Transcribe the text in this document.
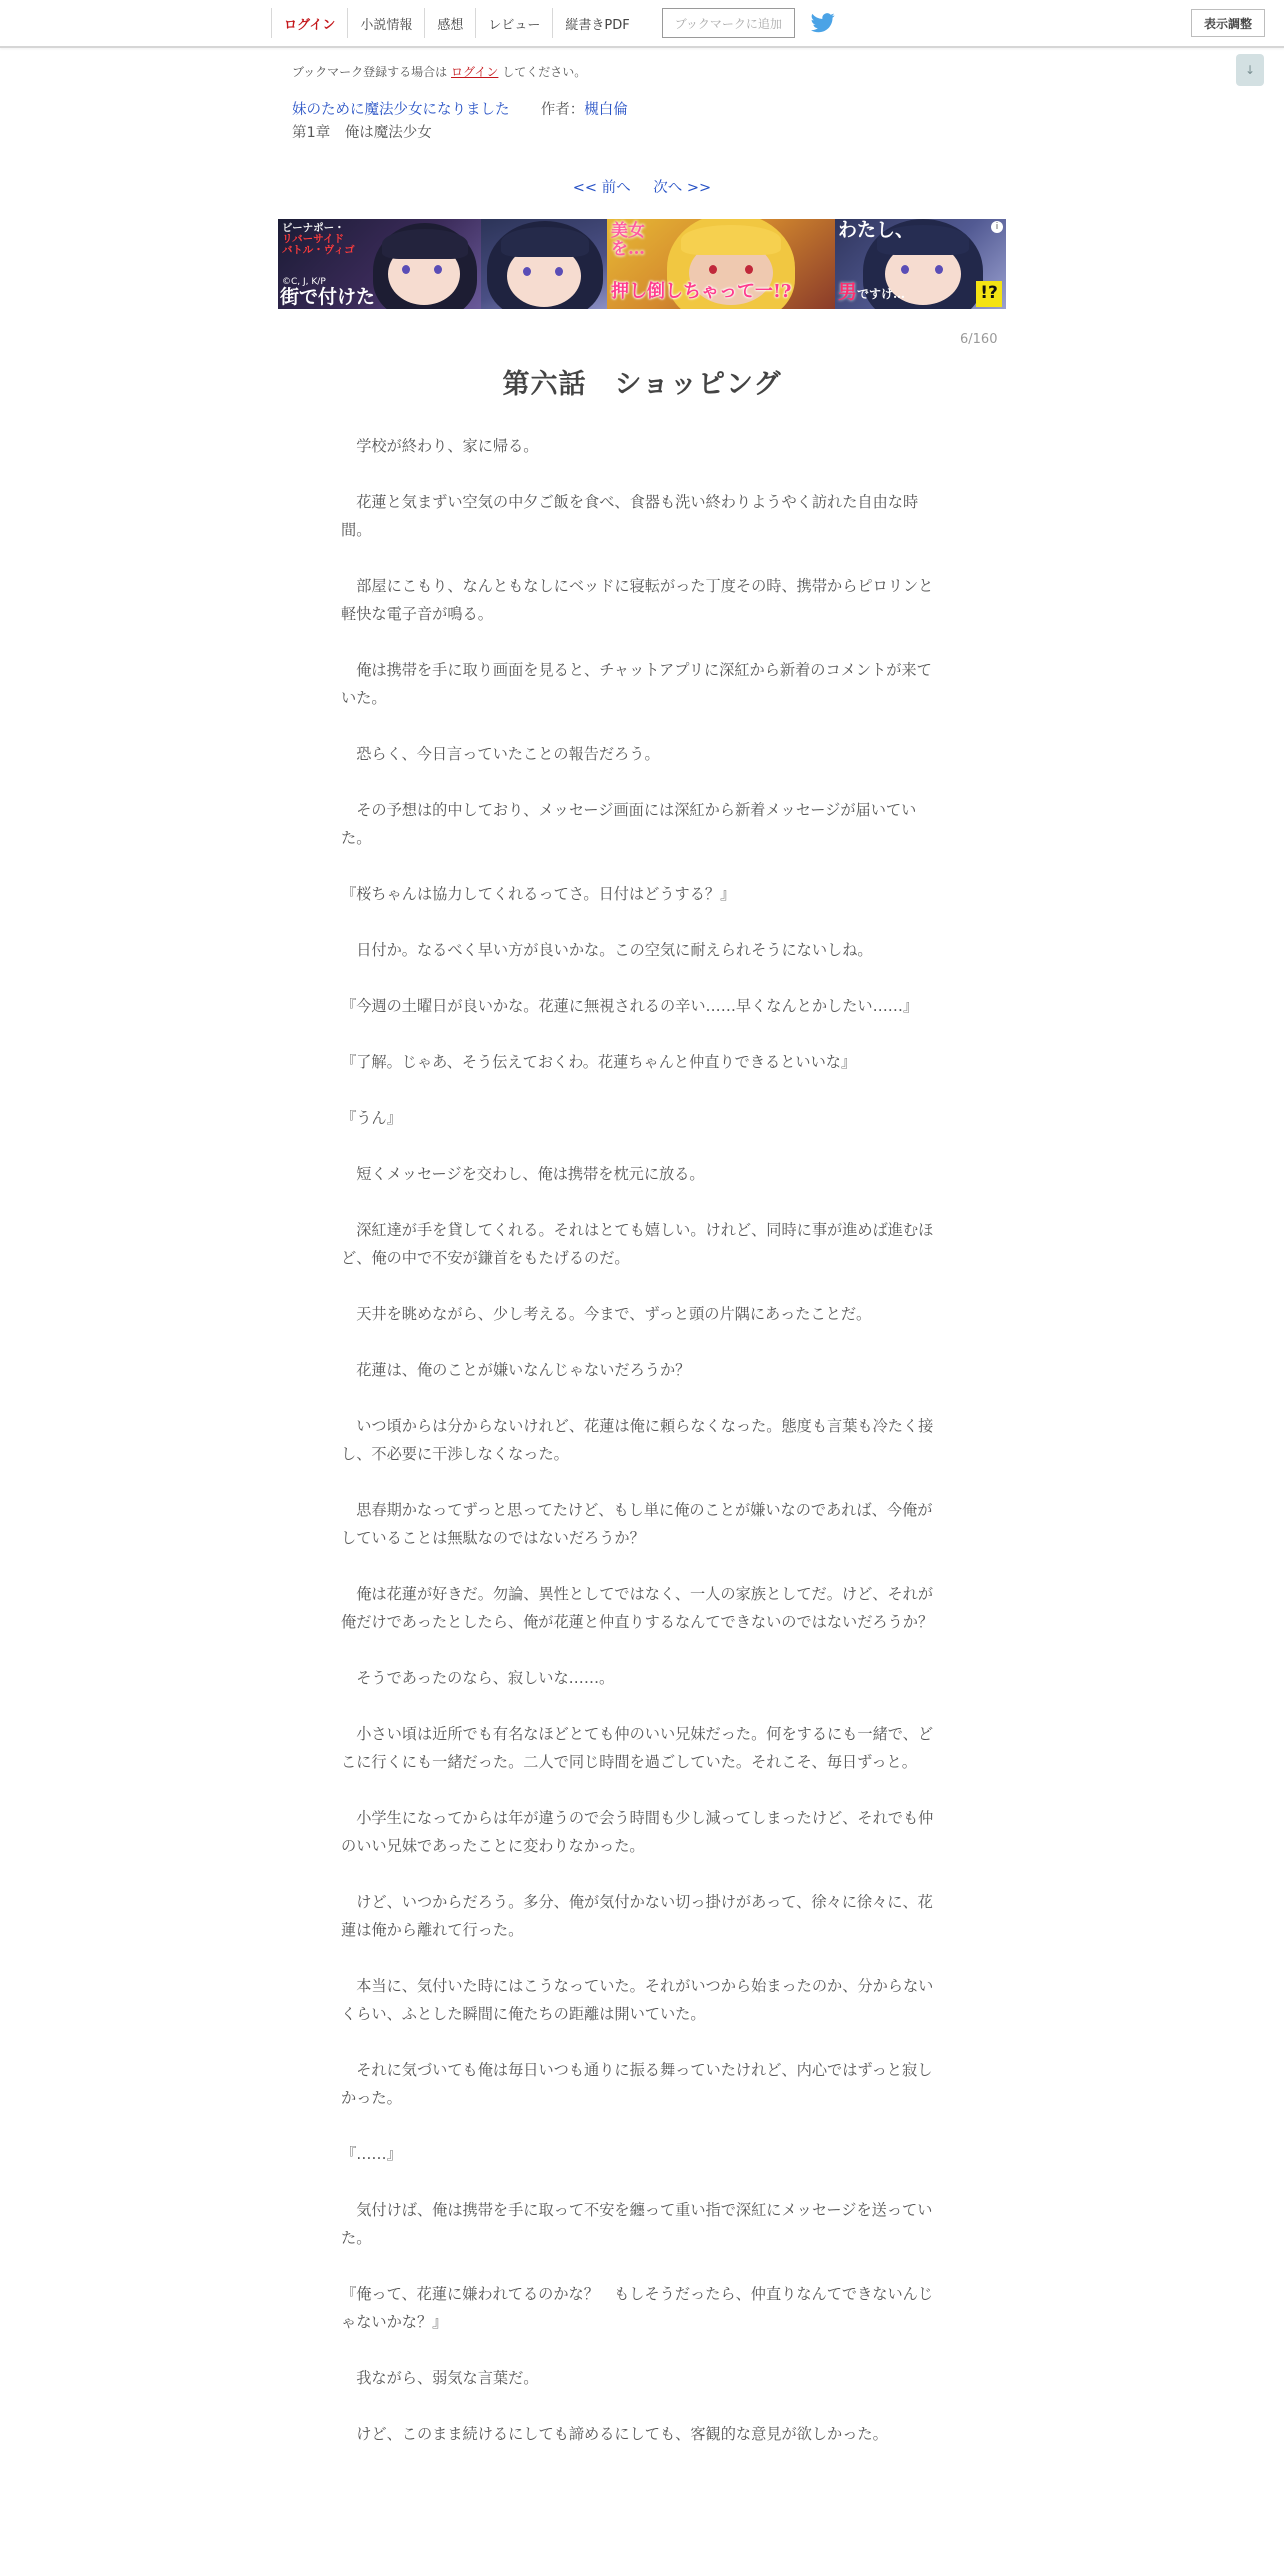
ログイン	小説情報	感想	レビュー	縦書きPDF	ブックマークに追加	表示調整
↓
ブックマーク登録する場合は ログイン してください。
妹のために魔法少女になりました 作者：槻白倫
第1章　俺は魔法少女
<< 前へ 次へ >>
ビーナポー・
リバーサイド
バトル・ヴィゴ
©C, J, K/P
街で付けた
美女を…
押し倒しちゃって一!?
わたし、
男ですけ…	!?
i
6/160
第六話　ショッピング

　学校が終わり、家に帰る。

　花蓮と気まずい空気の中夕ご飯を食べ、食器も洗い終わりようやく訪れた自由な時間。

　部屋にこもり、なんともなしにベッドに寝転がった丁度その時、携帯からピロリンと軽快な電子音が鳴る。

　俺は携帯を手に取り画面を見ると、チャットアプリに深紅から新着のコメントが来ていた。

　恐らく、今日言っていたことの報告だろう。

　その予想は的中しており、メッセージ画面には深紅から新着メッセージが届いていた。

『桜ちゃんは協力してくれるってさ。日付はどうする？』

　日付か。なるべく早い方が良いかな。この空気に耐えられそうにないしね。

『今週の土曜日が良いかな。花蓮に無視されるの辛い……早くなんとかしたい……』

『了解。じゃあ、そう伝えておくわ。花蓮ちゃんと仲直りできるといいな』

『うん』

　短くメッセージを交わし、俺は携帯を枕元に放る。

　深紅達が手を貸してくれる。それはとても嬉しい。けれど、同時に事が進めば進むほど、俺の中で不安が鎌首をもたげるのだ。

　天井を眺めながら、少し考える。今まで、ずっと頭の片隅にあったことだ。

　花蓮は、俺のことが嫌いなんじゃないだろうか？

　いつ頃からは分からないけれど、花蓮は俺に頼らなくなった。態度も言葉も冷たく接し、不必要に干渉しなくなった。

　思春期かなってずっと思ってたけど、もし単に俺のことが嫌いなのであれば、今俺がしていることは無駄なのではないだろうか？

　俺は花蓮が好きだ。勿論、異性としてではなく、一人の家族としてだ。けど、それが俺だけであったとしたら、俺が花蓮と仲直りするなんてできないのではないだろうか？

　そうであったのなら、寂しいな……。

　小さい頃は近所でも有名なほどとても仲のいい兄妹だった。何をするにも一緒で、どこに行くにも一緒だった。二人で同じ時間を過ごしていた。それこそ、毎日ずっと。

　小学生になってからは年が違うので会う時間も少し減ってしまったけど、それでも仲のいい兄妹であったことに変わりなかった。

　けど、いつからだろう。多分、俺が気付かない切っ掛けがあって、徐々に徐々に、花蓮は俺から離れて行った。

　本当に、気付いた時にはこうなっていた。それがいつから始まったのか、分からないくらい、ふとした瞬間に俺たちの距離は開いていた。

　それに気づいても俺は毎日いつも通りに振る舞っていたけれど、内心ではずっと寂しかった。

『……』

　気付けば、俺は携帯を手に取って不安を纏って重い指で深紅にメッセージを送っていた。

『俺って、花蓮に嫌われてるのかな？　もしそうだったら、仲直りなんてできないんじゃないかな？』

　我ながら、弱気な言葉だ。

　けど、このまま続けるにしても諦めるにしても、客観的な意見が欲しかった。
